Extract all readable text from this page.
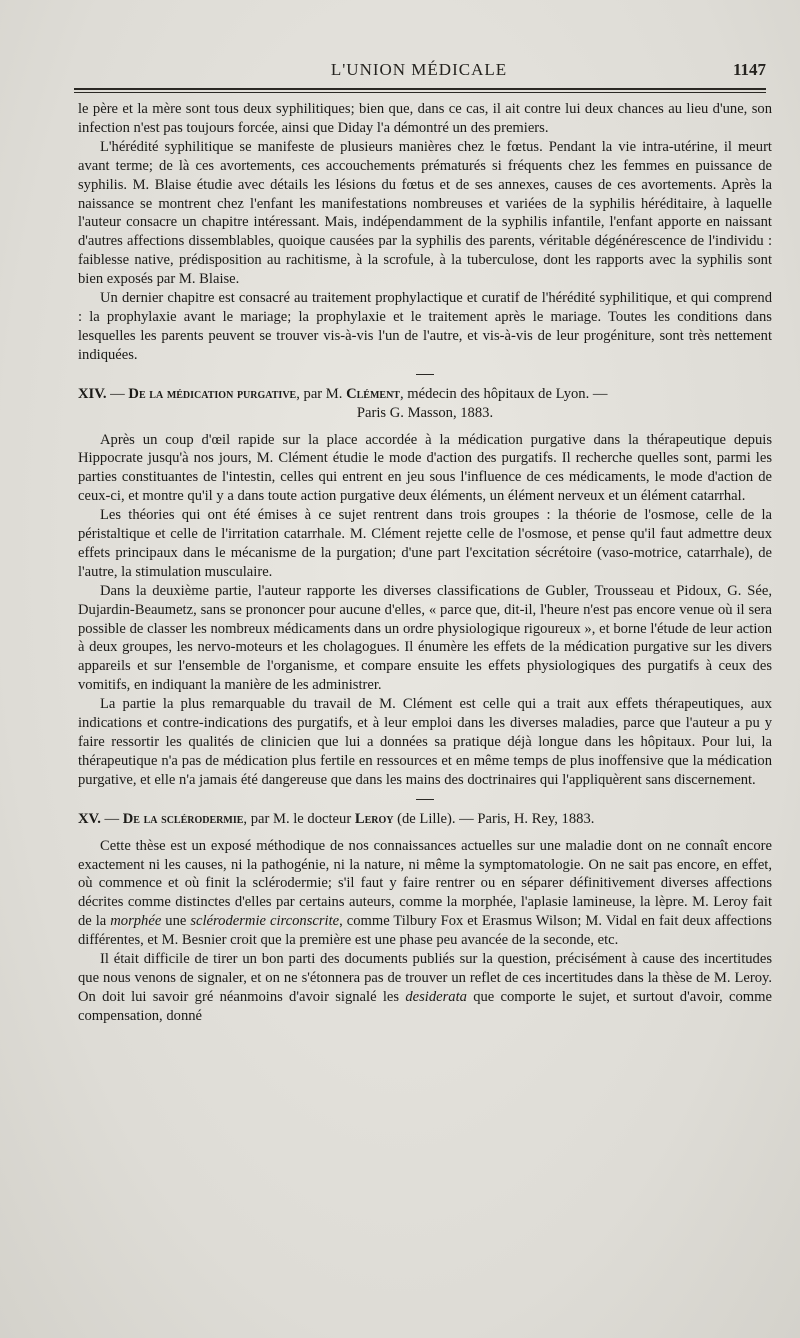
L'UNION MÉDICALE	1147

le père et la mère sont tous deux syphilitiques; bien que, dans ce cas, il ait contre lui deux chances au lieu d'une, son infection n'est pas toujours forcée, ainsi que Diday l'a démontré un des premiers.

L'hérédité syphilitique se manifeste de plusieurs manières chez le fœtus. Pendant la vie intra-utérine, il meurt avant terme; de là ces avortements, ces accouchements prématurés si fréquents chez les femmes en puissance de syphilis. M. Blaise étudie avec détails les lésions du fœtus et de ses annexes, causes de ces avortements. Après la naissance se montrent chez l'enfant les manifestations nombreuses et variées de la syphilis héréditaire, à laquelle l'auteur consacre un chapitre intéressant. Mais, indépendamment de la syphilis infantile, l'enfant apporte en naissant d'autres affections dissemblables, quoique causées par la syphilis des parents, véritable dégénérescence de l'individu : faiblesse native, prédisposition au rachitisme, à la scrofule, à la tuberculose, dont les rapports avec la syphilis sont bien exposés par M. Blaise.

Un dernier chapitre est consacré au traitement prophylactique et curatif de l'hérédité syphilitique, et qui comprend : la prophylaxie avant le mariage; la prophylaxie et le traitement après le mariage. Toutes les conditions dans lesquelles les parents peuvent se trouver vis-à-vis l'un de l'autre, et vis-à-vis de leur progéniture, sont très nettement indiquées.

XIV. — De la médication purgative, par M. Clément, médecin des hôpitaux de Lyon. —
Paris G. Masson, 1883.

Après un coup d'œil rapide sur la place accordée à la médication purgative dans la thérapeutique depuis Hippocrate jusqu'à nos jours, M. Clément étudie le mode d'action des purgatifs. Il recherche quelles sont, parmi les parties constituantes de l'intestin, celles qui entrent en jeu sous l'influence de ces médicaments, le mode d'action de ceux-ci, et montre qu'il y a dans toute action purgative deux éléments, un élément nerveux et un élément catarrhal.

Les théories qui ont été émises à ce sujet rentrent dans trois groupes : la théorie de l'osmose, celle de la péristaltique et celle de l'irritation catarrhale. M. Clément rejette celle de l'osmose, et pense qu'il faut admettre deux effets principaux dans le mécanisme de la purgation; d'une part l'excitation sécrétoire (vaso-motrice, catarrhale), de l'autre, la stimulation musculaire.

Dans la deuxième partie, l'auteur rapporte les diverses classifications de Gubler, Trousseau et Pidoux, G. Sée, Dujardin-Beaumetz, sans se prononcer pour aucune d'elles, « parce que, dit-il, l'heure n'est pas encore venue où il sera possible de classer les nombreux médicaments dans un ordre physiologique rigoureux », et borne l'étude de leur action à deux groupes, les nervo-moteurs et les cholagogues. Il énumère les effets de la médication purgative sur les divers appareils et sur l'ensemble de l'organisme, et compare ensuite les effets physiologiques des purgatifs à ceux des vomitifs, en indiquant la manière de les administrer.

La partie la plus remarquable du travail de M. Clément est celle qui a trait aux effets thérapeutiques, aux indications et contre-indications des purgatifs, et à leur emploi dans les diverses maladies, parce que l'auteur a pu y faire ressortir les qualités de clinicien que lui a données sa pratique déjà longue dans les hôpitaux. Pour lui, la thérapeutique n'a pas de médication plus fertile en ressources et en même temps de plus inoffensive que la médication purgative, et elle n'a jamais été dangereuse que dans les mains des doctrinaires qui l'appliquèrent sans discernement.

XV. — De la sclérodermie, par M. le docteur Leroy (de Lille). — Paris, H. Rey, 1883.

Cette thèse est un exposé méthodique de nos connaissances actuelles sur une maladie dont on ne connaît encore exactement ni les causes, ni la pathogénie, ni la nature, ni même la symptomatologie. On ne sait pas encore, en effet, où commence et où finit la sclérodermie; s'il faut y faire rentrer ou en séparer définitivement diverses affections décrites comme distinctes d'elles par certains auteurs, comme la morphée, l'aplasie lamineuse, la lèpre. M. Leroy fait de la morphée une sclérodermie circonscrite, comme Tilbury Fox et Erasmus Wilson; M. Vidal en fait deux affections différentes, et M. Besnier croit que la première est une phase peu avancée de la seconde, etc.

Il était difficile de tirer un bon parti des documents publiés sur la question, précisément à cause des incertitudes que nous venons de signaler, et on ne s'étonnera pas de trouver un reflet de ces incertitudes dans la thèse de M. Leroy. On doit lui savoir gré néanmoins d'avoir signalé les desiderata que comporte le sujet, et surtout d'avoir, comme compensation, donné
